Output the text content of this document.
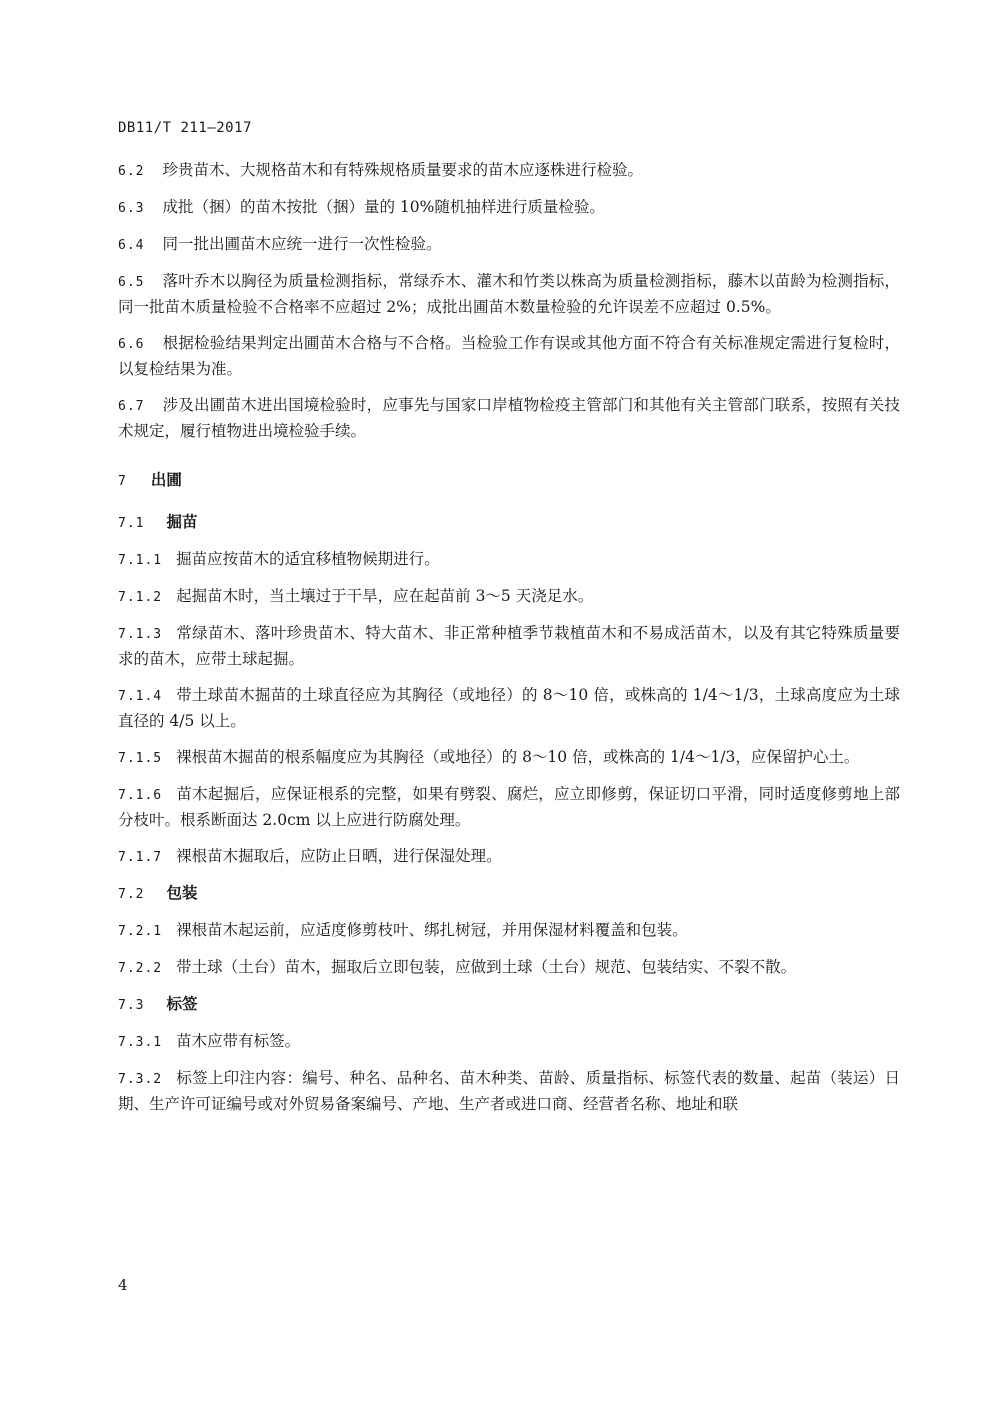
DB11/T 211—2017

6.2 珍贵苗木、大规格苗木和有特殊规格质量要求的苗木应逐株进行检验。

6.3 成批（捆）的苗木按批（捆）量的 10%随机抽样进行质量检验。

6.4 同一批出圃苗木应统一进行一次性检验。

6.5 落叶乔木以胸径为质量检测指标，常绿乔木、灌木和竹类以株高为质量检测指标，藤木以苗龄为检测指标，同一批苗木质量检验不合格率不应超过 2%；成批出圃苗木数量检验的允许误差不应超过 0.5%。

6.6 根据检验结果判定出圃苗木合格与不合格。当检验工作有误或其他方面不符合有关标准规定需进行复检时，以复检结果为准。

6.7 涉及出圃苗木进出国境检验时，应事先与国家口岸植物检疫主管部门和其他有关主管部门联系，按照有关技术规定，履行植物进出境检验手续。

7 出圃

7.1 掘苗

7.1.1 掘苗应按苗木的适宜移植物候期进行。

7.1.2 起掘苗木时，当土壤过于干旱，应在起苗前 3～5 天浇足水。

7.1.3 常绿苗木、落叶珍贵苗木、特大苗木、非正常种植季节栽植苗木和不易成活苗木，以及有其它特殊质量要求的苗木，应带土球起掘。

7.1.4 带土球苗木掘苗的土球直径应为其胸径（或地径）的 8～10 倍，或株高的 1/4～1/3，土球高度应为土球直径的 4/5 以上。

7.1.5 裸根苗木掘苗的根系幅度应为其胸径（或地径）的 8～10 倍，或株高的 1/4～1/3，应保留护心土。

7.1.6 苗木起掘后，应保证根系的完整，如果有劈裂、腐烂，应立即修剪，保证切口平滑，同时适度修剪地上部分枝叶。根系断面达 2.0cm 以上应进行防腐处理。

7.1.7 裸根苗木掘取后，应防止日晒，进行保湿处理。

7.2 包装

7.2.1 裸根苗木起运前，应适度修剪枝叶、绑扎树冠，并用保湿材料覆盖和包装。

7.2.2 带土球（土台）苗木，掘取后立即包装，应做到土球（土台）规范、包装结实、不裂不散。

7.3 标签

7.3.1 苗木应带有标签。

7.3.2 标签上印注内容：编号、种名、品种名、苗木种类、苗龄、质量指标、标签代表的数量、起苗（装运）日期、生产许可证编号或对外贸易备案编号、产地、生产者或进口商、经营者名称、地址和联

4
